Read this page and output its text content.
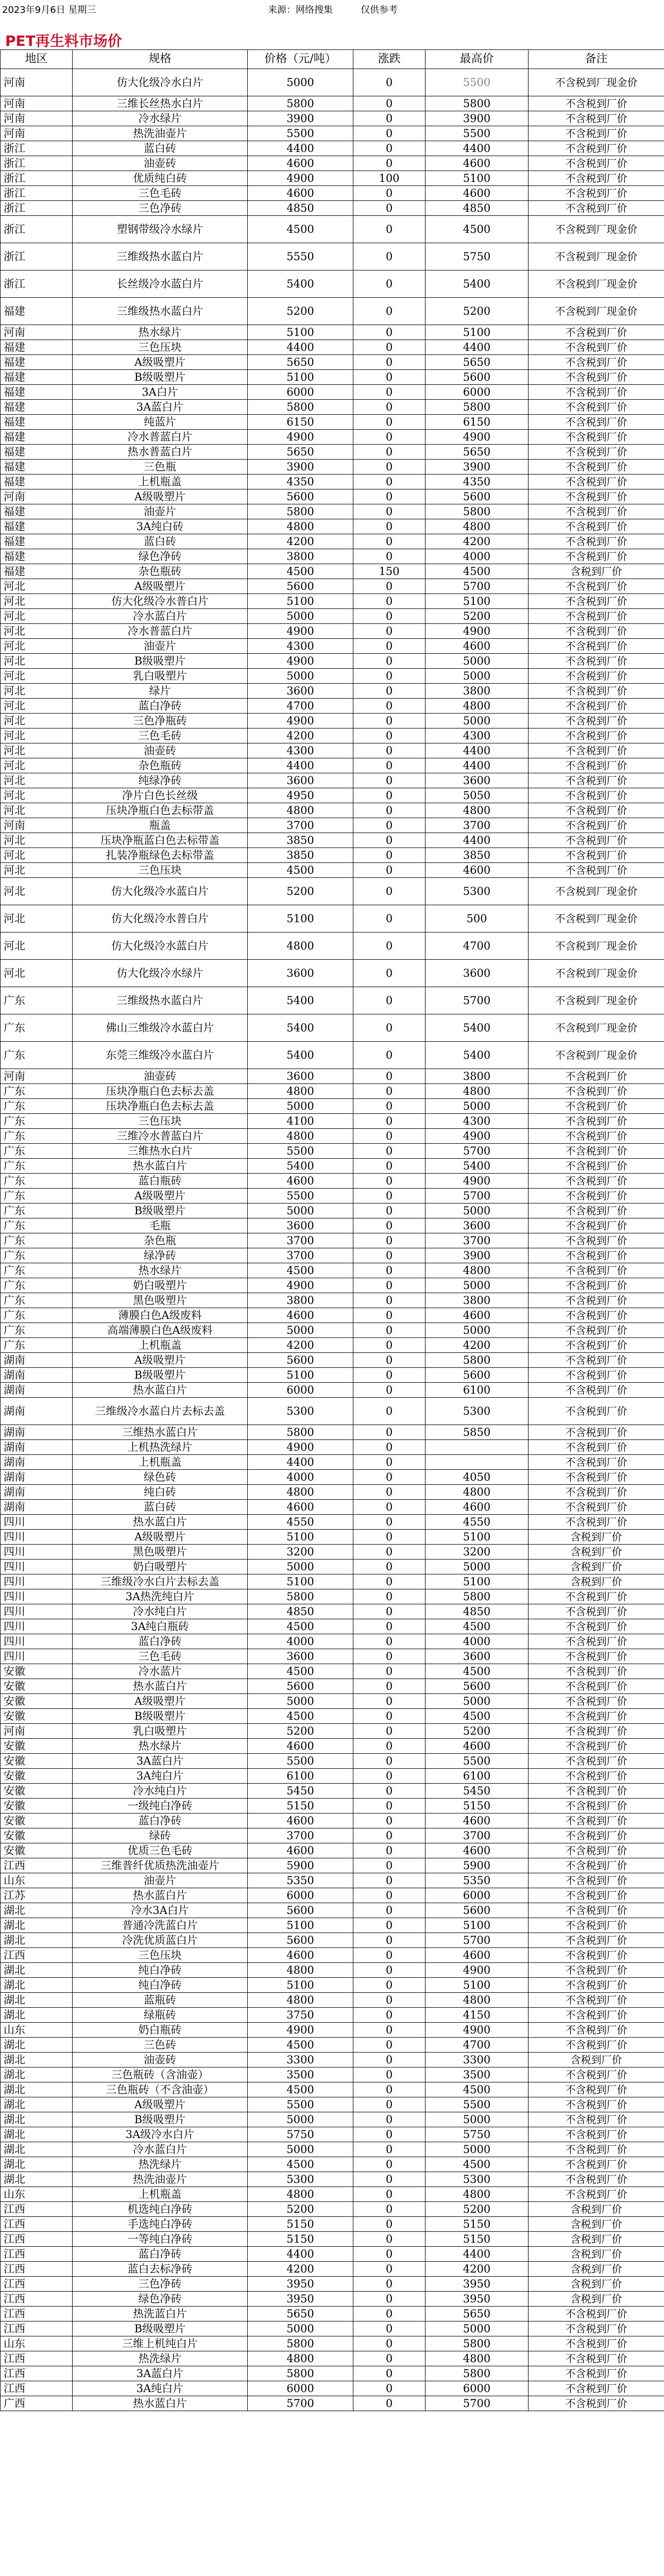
2023年9月6日 星期三	来源：网络搜集	仅供参考
PET再生料市场价
地区	规格	价格（元/吨）	涨跌	最高价	备注
河南	仿大化级冷水白片	5000	0	5500	不含税到厂现金价
河南	三维长丝热水白片	5800	0	5800	不含税到厂价
河南	冷水绿片	3900	0	3900	不含税到厂价
河南	热洗油壶片	5500	0	5500	不含税到厂价
浙江	蓝白砖	4400	0	4400	不含税到厂价
浙江	油壶砖	4600	0	4600	不含税到厂价
浙江	优质纯白砖	4900	100	5100	不含税到厂价
浙江	三色毛砖	4600	0	4600	不含税到厂价
浙江	三色净砖	4850	0	4850	不含税到厂价
浙江	塑钢带级冷水绿片	4500	0	4500	不含税到厂现金价
浙江	三维级热水蓝白片	5550	0	5750	不含税到厂现金价
浙江	长丝级冷水蓝白片	5400	0	5400	不含税到厂现金价
福建	三维级热水蓝白片	5200	0	5200	不含税到厂现金价
河南	热水绿片	5100	0	5100	不含税到厂价
福建	三色压块	4400	0	4400	不含税到厂价
福建	A级吸塑片	5650	0	5650	不含税到厂价
福建	B级吸塑片	5100	0	5600	不含税到厂价
福建	3A白片	6000	0	6000	不含税到厂价
福建	3A蓝白片	5800	0	5800	不含税到厂价
福建	纯蓝片	6150	0	6150	不含税到厂价
福建	冷水普蓝白片	4900	0	4900	不含税到厂价
福建	热水普蓝白片	5650	0	5650	不含税到厂价
福建	三色瓶	3900	0	3900	不含税到厂价
福建	上机瓶盖	4350	0	4350	不含税到厂价
河南	A级吸塑片	5600	0	5600	不含税到厂价
福建	油壶片	5800	0	5800	不含税到厂价
福建	3A纯白砖	4800	0	4800	不含税到厂价
福建	蓝白砖	4200	0	4200	不含税到厂价
福建	绿色净砖	3800	0	4000	不含税到厂价
福建	杂色瓶砖	4500	150	4500	含税到厂价
河北	A级吸塑片	5600	0	5700	不含税到厂价
河北	仿大化级冷水普白片	5100	0	5100	不含税到厂价
河北	冷水蓝白片	5000	0	5200	不含税到厂价
河北	冷水普蓝白片	4900	0	4900	不含税到厂价
河北	油壶片	4300	0	4600	不含税到厂价
河北	B级吸塑片	4900	0	5000	不含税到厂价
河北	乳白吸塑片	5000	0	5000	不含税到厂价
河北	绿片	3600	0	3800	不含税到厂价
河北	蓝白净砖	4700	0	4800	不含税到厂价
河北	三色净瓶砖	4900	0	5000	不含税到厂价
河北	三色毛砖	4200	0	4300	不含税到厂价
河北	油壶砖	4300	0	4400	不含税到厂价
河北	杂色瓶砖	4400	0	4400	不含税到厂价
河北	纯绿净砖	3600	0	3600	不含税到厂价
河北	净片白色长丝级	4950	0	5050	不含税到厂价
河北	压块净瓶白色去标带盖	4800	0	4800	不含税到厂价
河南	瓶盖	3700	0	3700	不含税到厂价
河北	压块净瓶蓝白色去标带盖	3850	0	4400	不含税到厂价
河北	扎装净瓶绿色去标带盖	3850	0	3850	不含税到厂价
河北	三色压块	4500	0	4600	不含税到厂价
河北	仿大化级冷水蓝白片	5200	0	5300	不含税到厂现金价
河北	仿大化级冷水普白片	5100	0	500	不含税到厂现金价
河北	仿大化级冷水蓝白片	4800	0	4700	不含税到厂现金价
河北	仿大化级冷水绿片	3600	0	3600	不含税到厂现金价
广东	三维级热水蓝白片	5400	0	5700	不含税到厂现金价
广东	佛山三维级冷水蓝白片	5400	0	5400	不含税到厂现金价
广东	东莞三维级冷水蓝白片	5400	0	5400	不含税到厂现金价
河南	油壶砖	3600	0	3800	不含税到厂价
广东	压块净瓶白色去标去盖	4800	0	4800	不含税到厂价
广东	压块净瓶白色去标去盖	5000	0	5000	不含税到厂价
广东	三色压块	4100	0	4300	不含税到厂价
广东	三维冷水普蓝白片	4800	0	4900	不含税到厂价
广东	三维热水白片	5500	0	5700	不含税到厂价
广东	热水蓝白片	5400	0	5400	不含税到厂价
广东	蓝白瓶砖	4600	0	4900	不含税到厂价
广东	A级吸塑片	5500	0	5700	不含税到厂价
广东	B级吸塑片	5000	0	5000	不含税到厂价
广东	毛瓶	3600	0	3600	不含税到厂价
广东	杂色瓶	3700	0	3700	不含税到厂价
广东	绿净砖	3700	0	3900	不含税到厂价
广东	热水绿片	4500	0	4800	不含税到厂价
广东	奶白吸塑片	4900	0	5000	不含税到厂价
广东	黑色吸塑片	3800	0	3800	不含税到厂价
广东	薄膜白色A级废料	4600	0	4600	不含税到厂价
广东	高端薄膜白色A级废料	5000	0	5000	不含税到厂价
广东	上机瓶盖	4200	0	4200	不含税到厂价
湖南	A级吸塑片	5600	0	5800	不含税到厂价
湖南	B级吸塑片	5100	0	5600	不含税到厂价
湖南	热水蓝白片	6000	0	6100	不含税到厂价
湖南	三维级冷水蓝白片去标去盖	5300	0	5300	不含税到厂价
湖南	三维热水蓝白片	5800	0	5850	不含税到厂价
湖南	上机热洗绿片	4900	0		不含税到厂价
湖南	上机瓶盖	4400	0		不含税到厂价
湖南	绿色砖	4000	0	4050	不含税到厂价
湖南	纯白砖	4800	0	4800	不含税到厂价
湖南	蓝白砖	4600	0	4600	不含税到厂价
四川	热水蓝白片	4550	0	4550	不含税到厂价
四川	A级吸塑片	5100	0	5100	含税到厂价
四川	黑色吸塑片	3200	0	3200	含税到厂价
四川	奶白吸塑片	5000	0	5000	含税到厂价
四川	三维级冷水白片去标去盖	5100	0	5100	含税到厂价
四川	3A热洗纯白片	5800	0	5800	不含税到厂价
四川	冷水纯白片	4850	0	4850	不含税到厂价
四川	3A纯白瓶砖	4500	0	4500	不含税到厂价
四川	蓝白净砖	4000	0	4000	不含税到厂价
四川	三色毛砖	3600	0	3600	不含税到厂价
安徽	冷水蓝片	4500	0	4500	不含税到厂价
安徽	热水蓝白片	5600	0	5600	不含税到厂价
安徽	A级吸塑片	5000	0	5000	不含税到厂价
安徽	B级吸塑片	4500	0	4500	不含税到厂价
河南	乳白吸塑片	5200	0	5200	不含税到厂价
安徽	热水绿片	4600	0	4600	不含税到厂价
安徽	3A蓝白片	5500	0	5500	不含税到厂价
安徽	3A纯白片	6100	0	6100	不含税到厂价
安徽	冷水纯白片	5450	0	5450	不含税到厂价
安徽	一级纯白净砖	5150	0	5150	不含税到厂价
安徽	蓝白净砖	4600	0	4600	不含税到厂价
安徽	绿砖	3700	0	3700	不含税到厂价
安徽	优质三色毛砖	4600	0	4600	不含税到厂价
江西	三维普纤优质热洗油壶片	5900	0	5900	不含税到厂价
山东	油壶片	5350	0	5350	不含税到厂价
江苏	热水蓝白片	6000	0	6000	不含税到厂价
湖北	冷水3A白片	5600	0	5600	不含税到厂价
湖北	普通冷洗蓝白片	5100	0	5100	不含税到厂价
湖北	冷洗优质蓝白片	5600	0	5700	不含税到厂价
江西	三色压块	4600	0	4600	不含税到厂价
湖北	纯白净砖	4800	0	4900	不含税到厂价
湖北	纯白净砖	5100	0	5100	不含税到厂价
湖北	蓝瓶砖	4800	0	4800	不含税到厂价
湖北	绿瓶砖	3750	0	4150	不含税到厂价
山东	奶白瓶砖	4900	0	4900	不含税到厂价
湖北	三色砖	4500	0	4700	不含税到厂价
湖北	油壶砖	3300	0	3300	含税到厂价
湖北	三色瓶砖（含油壶）	3500	0	3500	不含税到厂价
湖北	三色瓶砖（不含油壶）	4500	0	4500	不含税到厂价
湖北	A级吸塑片	5500	0	5500	不含税到厂价
湖北	B级吸塑片	5000	0	5000	不含税到厂价
湖北	3A级冷水白片	5750	0	5750	不含税到厂价
湖北	冷水蓝白片	5000	0	5000	不含税到厂价
湖北	热洗绿片	4500	0	4500	不含税到厂价
湖北	热洗油壶片	5300	0	5300	不含税到厂价
山东	上机瓶盖	4800	0	4800	不含税到厂价
江西	机选纯白净砖	5200	0	5200	含税到厂价
江西	手选纯白净砖	5150	0	5150	含税到厂价
江西	一等纯白净砖	5150	0	5150	含税到厂价
江西	蓝白净砖	4400	0	4400	含税到厂价
江西	蓝白去标净砖	4200	0	4200	含税到厂价
江西	三色净砖	3950	0	3950	含税到厂价
江西	绿色净砖	3950	0	3950	含税到厂价
江西	热洗蓝白片	5650	0	5650	不含税到厂价
江西	B级吸塑片	5000	0	5000	不含税到厂价
山东	三维上机纯白片	5800	0	5800	不含税到厂价
江西	热洗绿片	4800	0	4800	不含税到厂价
江西	3A蓝白片	5800	0	5800	不含税到厂价
江西	3A纯白片	6000	0	6000	不含税到厂价
广西	热水蓝白片	5700	0	5700	不含税到厂价
